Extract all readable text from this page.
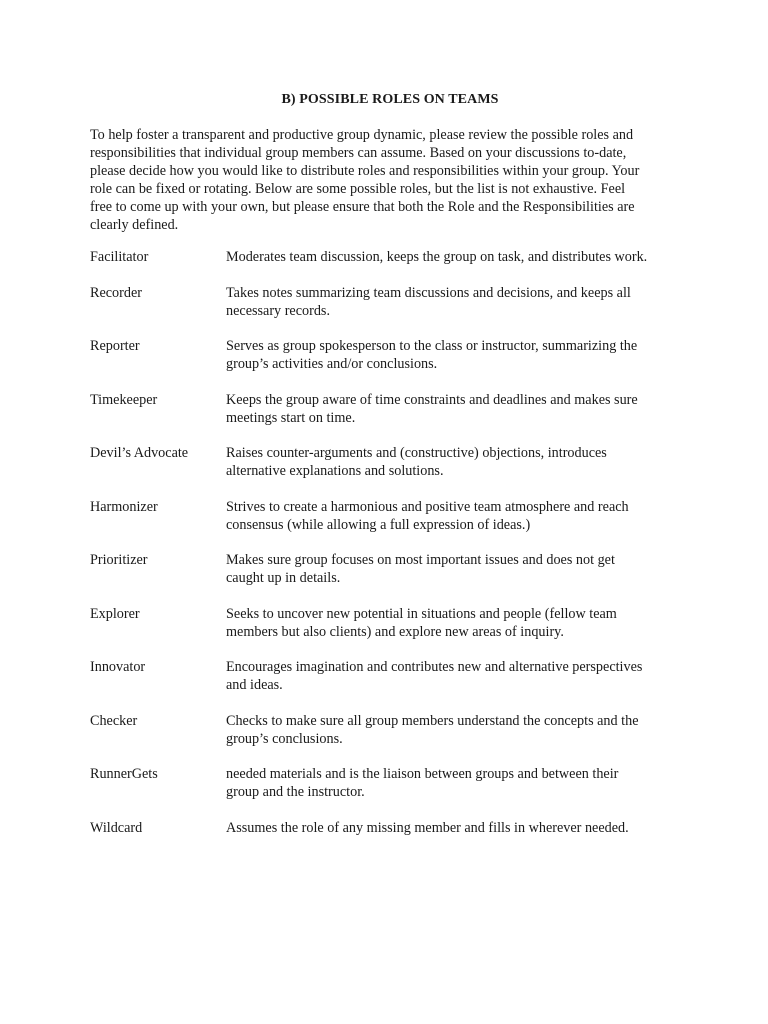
B) POSSIBLE ROLES ON TEAMS

To help foster a transparent and productive group dynamic, please review the possible roles and
responsibilities that individual group members can assume. Based on your discussions to-date,
please decide how you would like to distribute roles and responsibilities within your group. Your
role can be fixed or rotating. Below are some possible roles, but the list is not exhaustive. Feel
free to come up with your own, but please ensure that both the Role and the Responsibilities are
clearly defined.

Facilitator	Moderates team discussion, keeps the group on task, and distributes work.
Recorder	Takes notes summarizing team discussions and decisions, and keeps all
necessary records.
Reporter	Serves as group spokesperson to the class or instructor, summarizing the
group’s activities and/or conclusions.
Timekeeper	Keeps the group aware of time constraints and deadlines and makes sure
meetings start on time.
Devil’s Advocate	Raises counter-arguments and (constructive) objections, introduces
alternative explanations and solutions.
Harmonizer	Strives to create a harmonious and positive team atmosphere and reach
consensus (while allowing a full expression of ideas.)
Prioritizer	Makes sure group focuses on most important issues and does not get
caught up in details.
Explorer	Seeks to uncover new potential in situations and people (fellow team
members but also clients) and explore new areas of inquiry.
Innovator	Encourages imagination and contributes new and alternative perspectives
and ideas.
Checker	Checks to make sure all group members understand the concepts and the
group’s conclusions.
RunnerGets	needed materials and is the liaison between groups and between their
group and the instructor.
Wildcard	Assumes the role of any missing member and fills in wherever needed.
